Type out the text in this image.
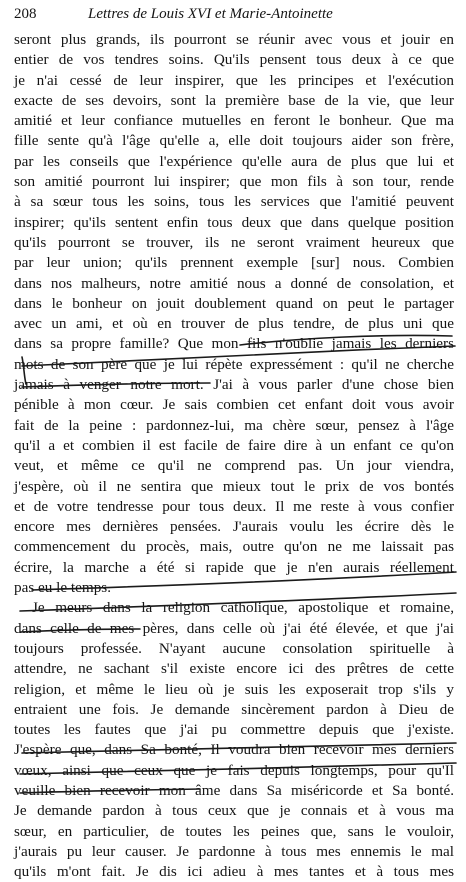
208	Lettres de Louis XVI et Marie-Antoinette
seront plus grands, ils pourront se réunir avec vous et jouir en
entier de vos tendres soins. Qu'ils pensent tous deux à ce que
je n'ai cessé de leur inspirer, que les principes et l'exécution
exacte de ses devoirs, sont la première base de la vie, que leur
amitié et leur confiance mutuelles en feront le bonheur. Que ma
fille sente qu'à l'âge qu'elle a, elle doit toujours aider son frère,
par les conseils que l'expérience qu'elle aura de plus que lui et
son amitié pourront lui inspirer; que mon fils à son tour, rende
à sa sœur tous les soins, tous les services que l'amitié peuvent
inspirer; qu'ils sentent enfin tous deux que dans quelque position
qu'ils pourront se trouver, ils ne seront vraiment heureux que
par leur union; qu'ils prennent exemple [sur] nous. Combien
dans nos malheurs, notre amitié nous a donné de consolation, et
dans le bonheur on jouit doublement quand on peut le partager
avec un ami, et où en trouver de plus tendre, de plus uni que
dans sa propre famille? Que mon fils n'oublie jamais les derniers
mots de son père que je lui répète expressément : qu'il ne cherche
jamais à venger notre mort. J'ai à vous parler d'une chose bien
pénible à mon cœur. Je sais combien cet enfant doit vous avoir
fait de la peine : pardonnez-lui, ma chère sœur, pensez à l'âge
qu'il a et combien il est facile de faire dire à un enfant ce qu'on
veut, et même ce qu'il ne comprend pas. Un jour viendra,
j'espère, où il ne sentira que mieux tout le prix de vos bontés
et de votre tendresse pour tous deux. Il me reste à vous confier
encore mes dernières pensées. J'aurais voulu les écrire dès le
commencement du procès, mais, outre qu'on ne me laissait pas
écrire, la marche a été si rapide que je n'en aurais réellement
pas eu le temps.
Je meurs dans la religion catholique, apostolique et romaine,
dans celle de mes pères, dans celle où j'ai été élevée, et que j'ai
toujours professée. N'ayant aucune consolation spirituelle à
attendre, ne sachant s'il existe encore ici des prêtres de cette
religion, et même le lieu où je suis les exposerait trop s'ils y
entraient une fois. Je demande sincèrement pardon à Dieu de
toutes les fautes que j'ai pu commettre depuis que j'existe.
J'espère que, dans Sa bonté, Il voudra bien recevoir mes derniers
vœux, ainsi que ceux que je fais depuis longtemps, pour qu'Il
veuille bien recevoir mon âme dans Sa miséricorde et Sa bonté.
Je demande pardon à tous ceux que je connais et à vous ma
sœur, en particulier, de toutes les peines que, sans le vouloir,
j'aurais pu leur causer. Je pardonne à tous mes ennemis le mal
qu'ils m'ont fait. Je dis ici adieu à mes tantes et à tous mes
